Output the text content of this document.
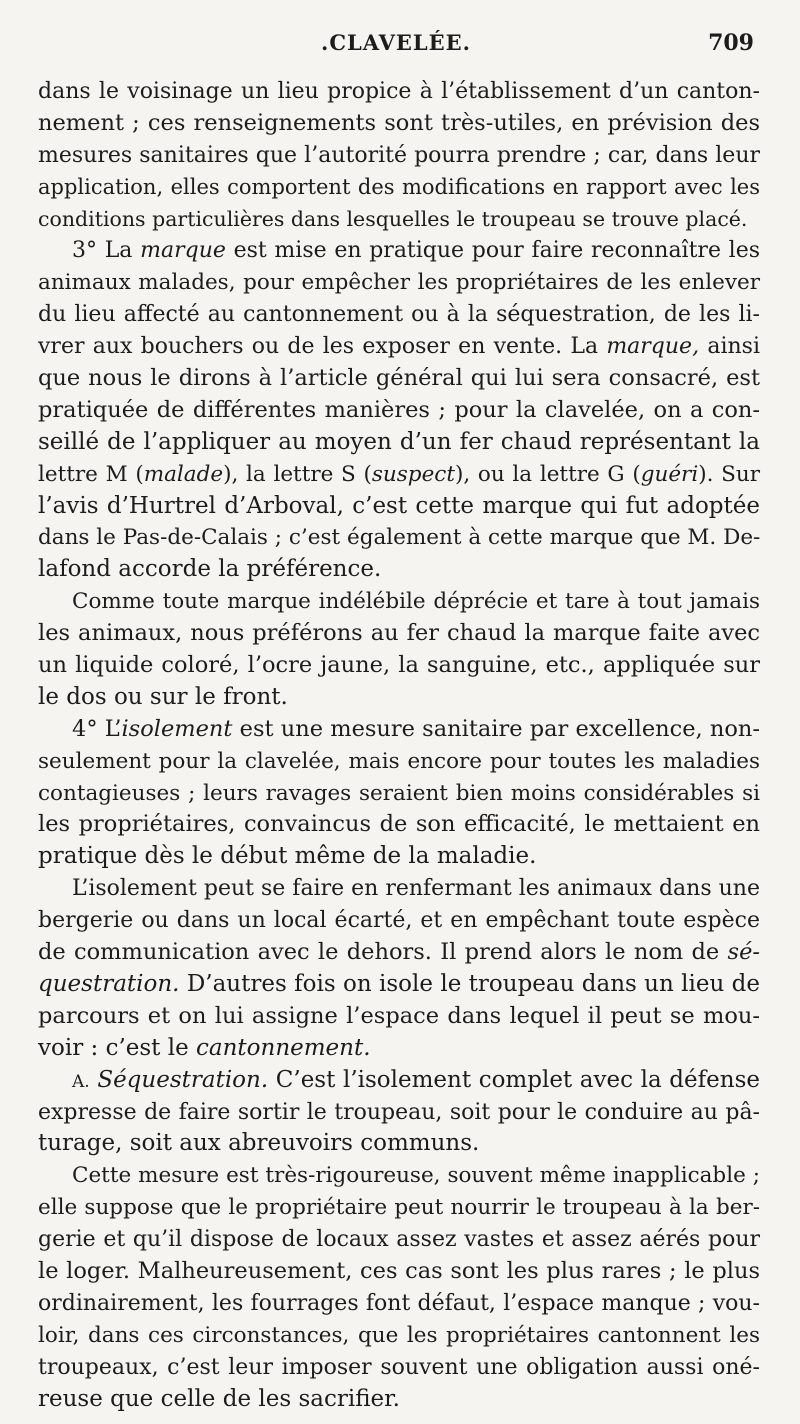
.CLAVELÉE.	709
dans le voisinage un lieu propice à l’établissement d’un canton-
nement ; ces renseignements sont très-utiles, en prévision des
mesures sanitaires que l’autorité pourra prendre ; car, dans leur
application, elles comportent des modifications en rapport avec les
conditions particulières dans lesquelles le troupeau se trouve placé.
3° La marque est mise en pratique pour faire reconnaître les
animaux malades, pour empêcher les propriétaires de les enlever
du lieu affecté au cantonnement ou à la séquestration, de les li-
vrer aux bouchers ou de les exposer en vente. La marque, ainsi
que nous le dirons à l’article général qui lui sera consacré, est
pratiquée de différentes manières ; pour la clavelée, on a con-
seillé de l’appliquer au moyen d’un fer chaud représentant la
lettre M (malade), la lettre S (suspect), ou la lettre G (guéri). Sur
l’avis d’Hurtrel d’Arboval, c’est cette marque qui fut adoptée
dans le Pas-de-Calais ; c’est également à cette marque que M. De-
lafond accorde la préférence.
Comme toute marque indélébile déprécie et tare à tout jamais
les animaux, nous préférons au fer chaud la marque faite avec
un liquide coloré, l’ocre jaune, la sanguine, etc., appliquée sur
le dos ou sur le front.
4° L’isolement est une mesure sanitaire par excellence, non-
seulement pour la clavelée, mais encore pour toutes les maladies
contagieuses ; leurs ravages seraient bien moins considérables si
les propriétaires, convaincus de son efficacité, le mettaient en
pratique dès le début même de la maladie.
L’isolement peut se faire en renfermant les animaux dans une
bergerie ou dans un local écarté, et en empêchant toute espèce
de communication avec le dehors. Il prend alors le nom de sé-
questration. D’autres fois on isole le troupeau dans un lieu de
parcours et on lui assigne l’espace dans lequel il peut se mou-
voir : c’est le cantonnement.
A. Séquestration. C’est l’isolement complet avec la défense
expresse de faire sortir le troupeau, soit pour le conduire au pâ-
turage, soit aux abreuvoirs communs.
Cette mesure est très-rigoureuse, souvent même inapplicable ;
elle suppose que le propriétaire peut nourrir le troupeau à la ber-
gerie et qu’il dispose de locaux assez vastes et assez aérés pour
le loger. Malheureusement, ces cas sont les plus rares ; le plus
ordinairement, les fourrages font défaut, l’espace manque ; vou-
loir, dans ces circonstances, que les propriétaires cantonnent les
troupeaux, c’est leur imposer souvent une obligation aussi oné-
reuse que celle de les sacrifier.
